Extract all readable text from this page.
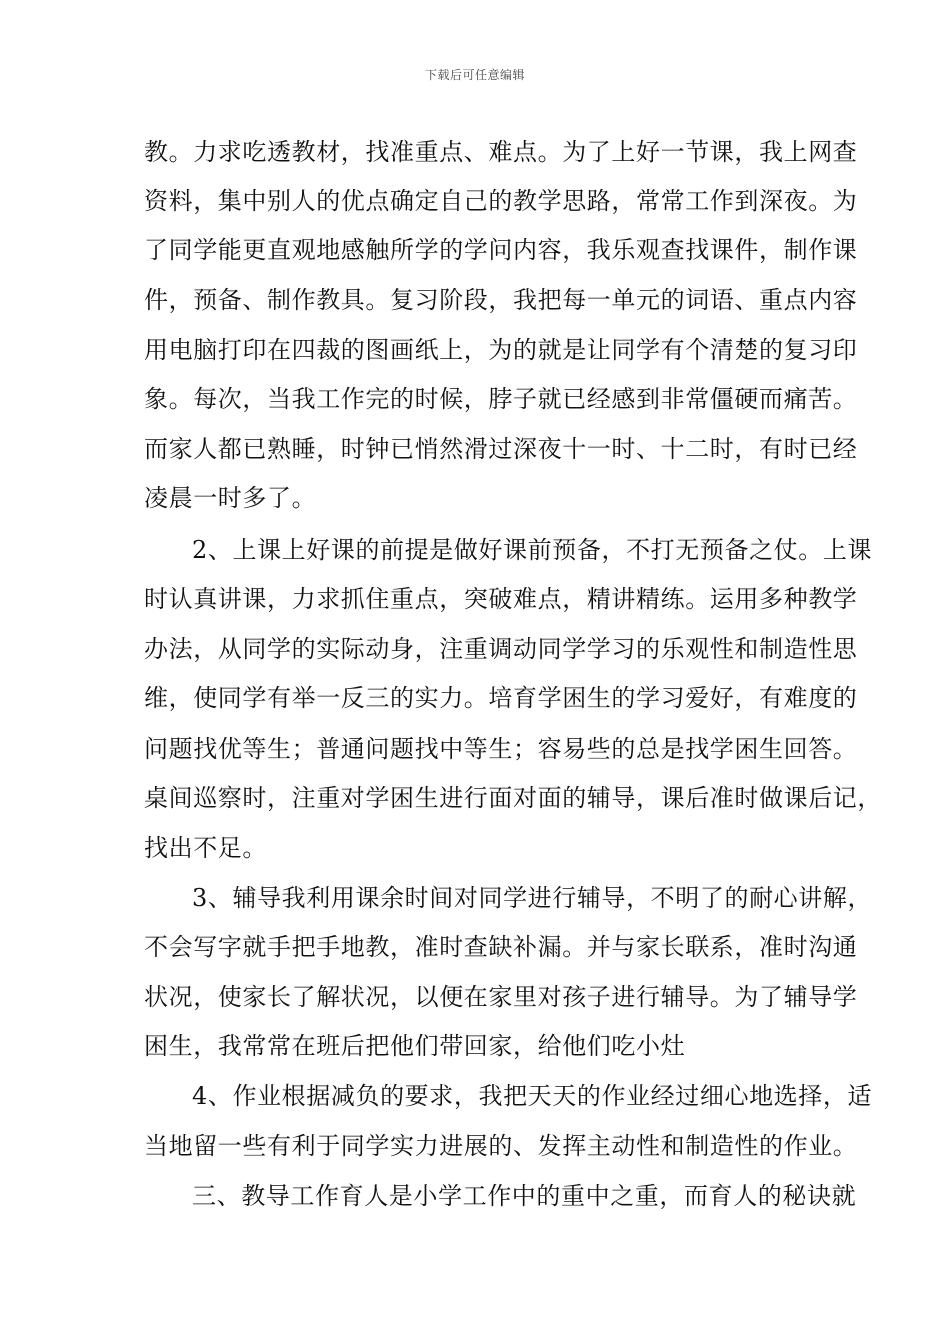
下载后可任意编辑
教。力求吃透教材，找准重点、难点。为了上好一节课，我上网查
资料，集中别人的优点确定自己的教学思路，常常工作到深夜。为
了同学能更直观地感触所学的学问内容，我乐观查找课件，制作课
件，预备、制作教具。复习阶段，我把每一单元的词语、重点内容
用电脑打印在四裁的图画纸上，为的就是让同学有个清楚的复习印
象。每次，当我工作完的时候，脖子就已经感到非常僵硬而痛苦。
而家人都已熟睡，时钟已悄然滑过深夜十一时、十二时，有时已经
凌晨一时多了。
2、上课上好课的前提是做好课前预备，不打无预备之仗。上课
时认真讲课，力求抓住重点，突破难点，精讲精练。运用多种教学
办法，从同学的实际动身，注重调动同学学习的乐观性和制造性思
维，使同学有举一反三的实力。培育学困生的学习爱好，有难度的
问题找优等生；普通问题找中等生；容易些的总是找学困生回答。
桌间巡察时，注重对学困生进行面对面的辅导，课后准时做课后记，
找出不足。
3、辅导我利用课余时间对同学进行辅导，不明了的耐心讲解，
不会写字就手把手地教，准时查缺补漏。并与家长联系，准时沟通
状况，使家长了解状况，以便在家里对孩子进行辅导。为了辅导学
困生，我常常在班后把他们带回家，给他们吃小灶
4、作业根据减负的要求，我把天天的作业经过细心地选择，适
当地留一些有利于同学实力进展的、发挥主动性和制造性的作业。
三、教导工作育人是小学工作中的重中之重，而育人的秘诀就
